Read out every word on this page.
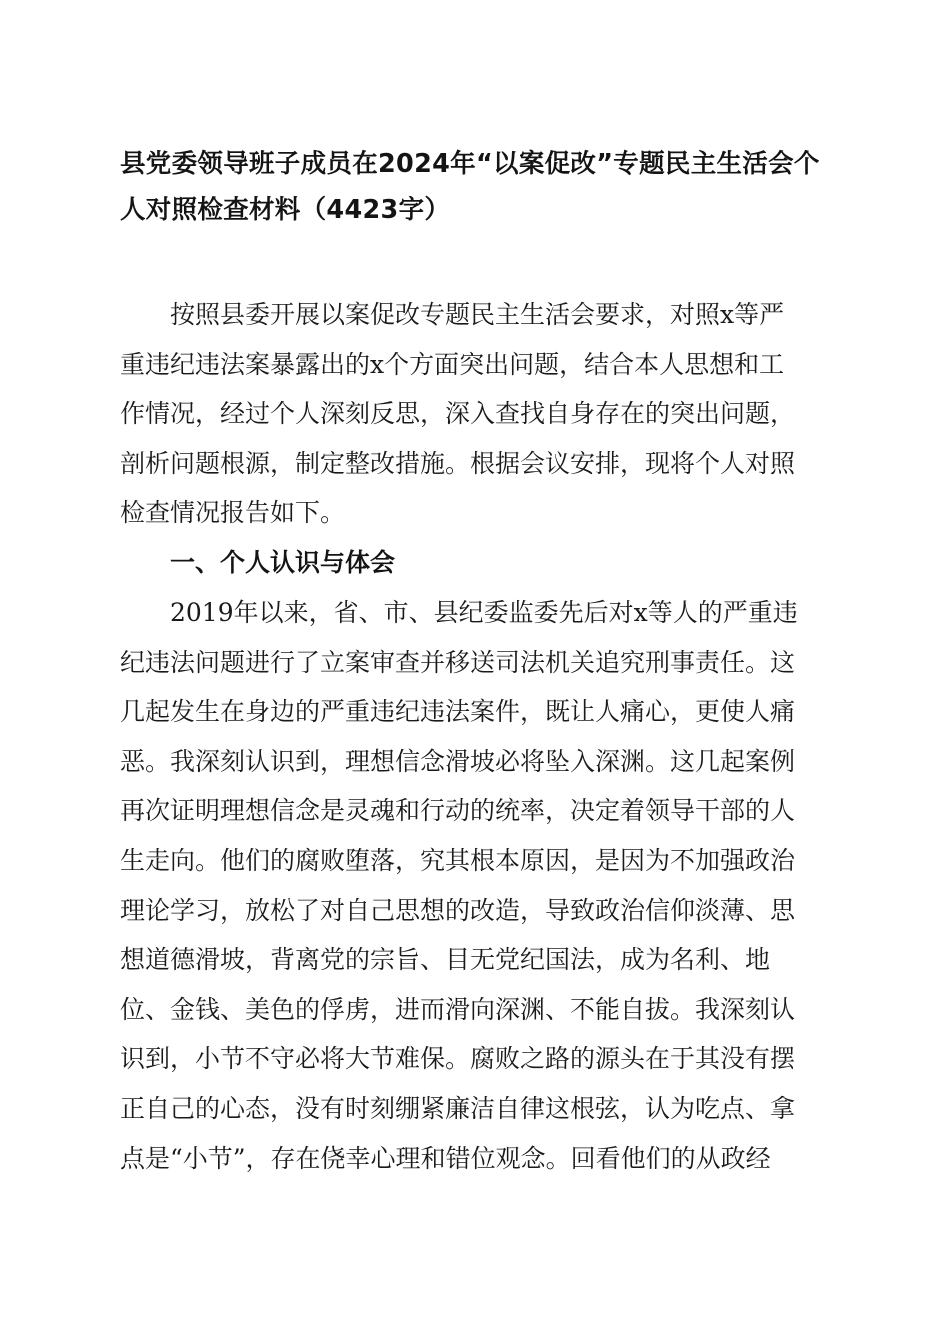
县党委领导班子成员在2024年“以案促改”专题民主生活会个
人对照检查材料（4423字）
按照县委开展以案促改专题民主生活会要求，对照x等严
重违纪违法案暴露出的x个方面突出问题，结合本人思想和工
作情况，经过个人深刻反思，深入查找自身存在的突出问题，
剖析问题根源，制定整改措施。根据会议安排，现将个人对照
检查情况报告如下。
一、个人认识与体会
2019年以来，省、市、县纪委监委先后对x等人的严重违
纪违法问题进行了立案审查并移送司法机关追究刑事责任。这
几起发生在身边的严重违纪违法案件，既让人痛心，更使人痛
恶。我深刻认识到，理想信念滑坡必将坠入深渊。这几起案例
再次证明理想信念是灵魂和行动的统率，决定着领导干部的人
生走向。他们的腐败堕落，究其根本原因，是因为不加强政治
理论学习，放松了对自己思想的改造，导致政治信仰淡薄、思
想道德滑坡，背离党的宗旨、目无党纪国法，成为名利、地
位、金钱、美色的俘虏，进而滑向深渊、不能自拔。我深刻认
识到，小节不守必将大节难保。腐败之路的源头在于其没有摆
正自己的心态，没有时刻绷紧廉洁自律这根弦，认为吃点、拿
点是“小节”，存在侥幸心理和错位观念。回看他们的从政经
